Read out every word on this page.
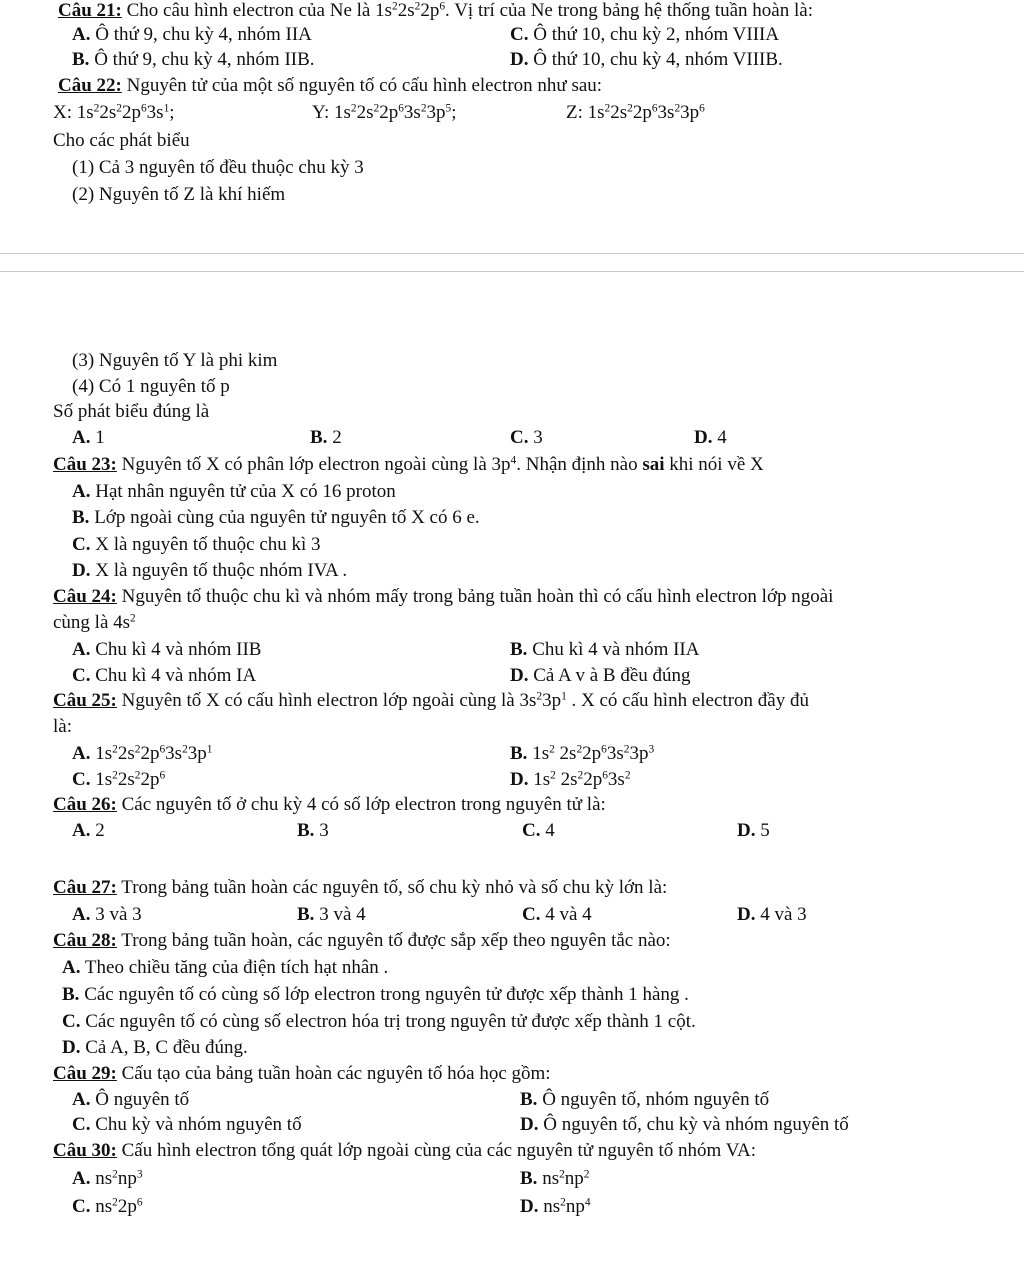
Câu 21: Cho câu hình electron của Ne là $1s^22s^22p^6$. Vị trí của Ne trong bảng hệ thống tuần hoàn là:
A. Ô thứ 9, chu kỳ 4, nhóm IIA	C. Ô thứ 10, chu kỳ 2, nhóm VIIIA
B. Ô thứ 9, chu kỳ 4, nhóm IIB.	D. Ô thứ 10, chu kỳ 4, nhóm VIIIB.
Câu 22: Nguyên tử của một số nguyên tố có cấu hình electron như sau:
X: $1s^22s^22p^63s^1$;	Y: $1s^22s^22p^63s^23p^5$;	Z: $1s^22s^22p^63s^23p^6$
Cho các phát biểu
(1) Cả 3 nguyên tố đều thuộc chu kỳ 3
(2) Nguyên tố Z là khí hiếm
(3) Nguyên tố Y là phi kim
(4) Có 1 nguyên tố p
Số phát biểu đúng là
A. 1	B. 2	C. 3	D. 4
Câu 23: Nguyên tố X có phân lớp electron ngoài cùng là $3p^4$. Nhận định nào sai khi nói về X
A. Hạt nhân nguyên tử của X có 16 proton
B. Lớp ngoài cùng của nguyên tử nguyên tố X có 6 e.
C. X là nguyên tố thuộc chu kì 3
D. X là nguyên tố thuộc nhóm IVA .
Câu 24: Nguyên tố thuộc chu kì và nhóm mấy trong bảng tuần hoàn thì có cấu hình electron lớp ngoài
cùng là $4s^2$
A. Chu kì 4 và nhóm IIB	B. Chu kì 4 và nhóm IIA
C. Chu kì 4 và nhóm IA	D. Cả A v à B đều đúng
Câu 25: Nguyên tố X có cấu hình electron lớp ngoài cùng là $3s^23p^1$ . X có cấu hình electron đầy đủ
là:
A. $1s^22s^22p^63s^23p^1$	B. $1s^2$ $2s^22p^63s^23p^3$
C. $1s^22s^22p^6$	D. $1s^2$ $2s^22p^63s^2$
Câu 26: Các nguyên tố ở chu kỳ 4 có số lớp electron trong nguyên tử là:
A. 2	B. 3	C. 4	D. 5
Câu 27: Trong bảng tuần hoàn các nguyên tố, số chu kỳ nhỏ và số chu kỳ lớn là:
A. 3 và 3	B. 3 và 4	C. 4 và 4	D. 4 và 3
Câu 28: Trong bảng tuần hoàn, các nguyên tố được sắp xếp theo nguyên tắc nào:
A. Theo chiều tăng của điện tích hạt nhân .
B. Các nguyên tố có cùng số lớp electron trong nguyên tử được xếp thành 1 hàng .
C. Các nguyên tố có cùng số electron hóa trị trong nguyên tử được xếp thành 1 cột.
D. Cả A, B, C đều đúng.
Câu 29: Cấu tạo của bảng tuần hoàn các nguyên tố hóa học gồm:
A. Ô nguyên tố	B. Ô nguyên tố, nhóm nguyên tố
C. Chu kỳ và nhóm nguyên tố	D. Ô nguyên tố, chu kỳ và nhóm nguyên tố
Câu 30: Cấu hình electron tổng quát lớp ngoài cùng của các nguyên tử nguyên tố nhóm VA:
A. $ns^2np^3$	B. $ns^2np^2$
C. $ns^22p^6$	D. $ns^2np^4$
